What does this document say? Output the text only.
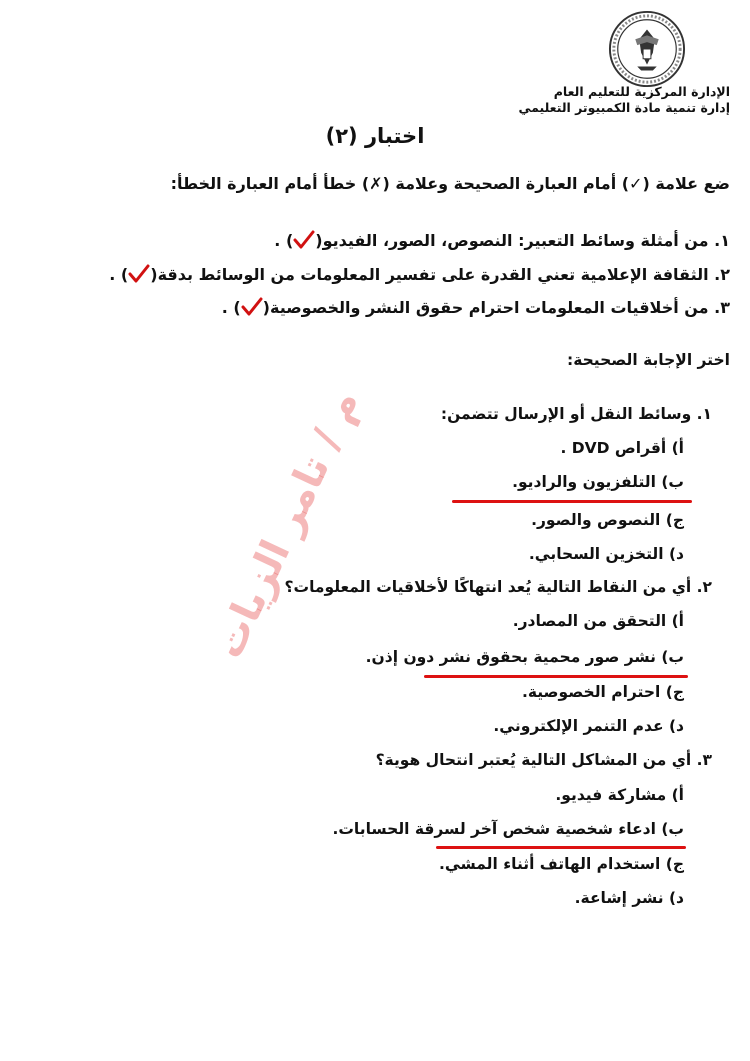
الإدارة المركزية للتعليم العام
إدارة تنمية مادة الكمبيوتر التعليمي
اختبار (٢)
ضع علامة (✓) أمام العبارة الصحيحة وعلامة (✗) خطأ أمام العبارة الخطأ:
١. من أمثلة وسائط التعبير: النصوص، الصور، الفيديو() .
٢. الثقافة الإعلامية تعني القدرة على تفسير المعلومات من الوسائط بدقة() .
٣. من أخلاقيات المعلومات احترام حقوق النشر والخصوصية() .
اختر الإجابة الصحيحة:
١. وسائط النقل أو الإرسال تتضمن:
أ) أقراص DVD .
ب) التلفزيون والراديو.
ج) النصوص والصور.
د) التخزين السحابي.
٢. أي من النقاط التالية يُعد انتهاكًا لأخلاقيات المعلومات؟
أ) التحقق من المصادر.
ب) نشر صور محمية بحقوق نشر دون إذن.
ج) احترام الخصوصية.
د) عدم التنمر الإلكتروني.
٣. أي من المشاكل التالية يُعتبر انتحال هوية؟
أ) مشاركة فيديو.
ب) ادعاء شخصية شخص آخر لسرقة الحسابات.
ج) استخدام الهاتف أثناء المشي.
د) نشر إشاعة.
م / تامر الزيات
